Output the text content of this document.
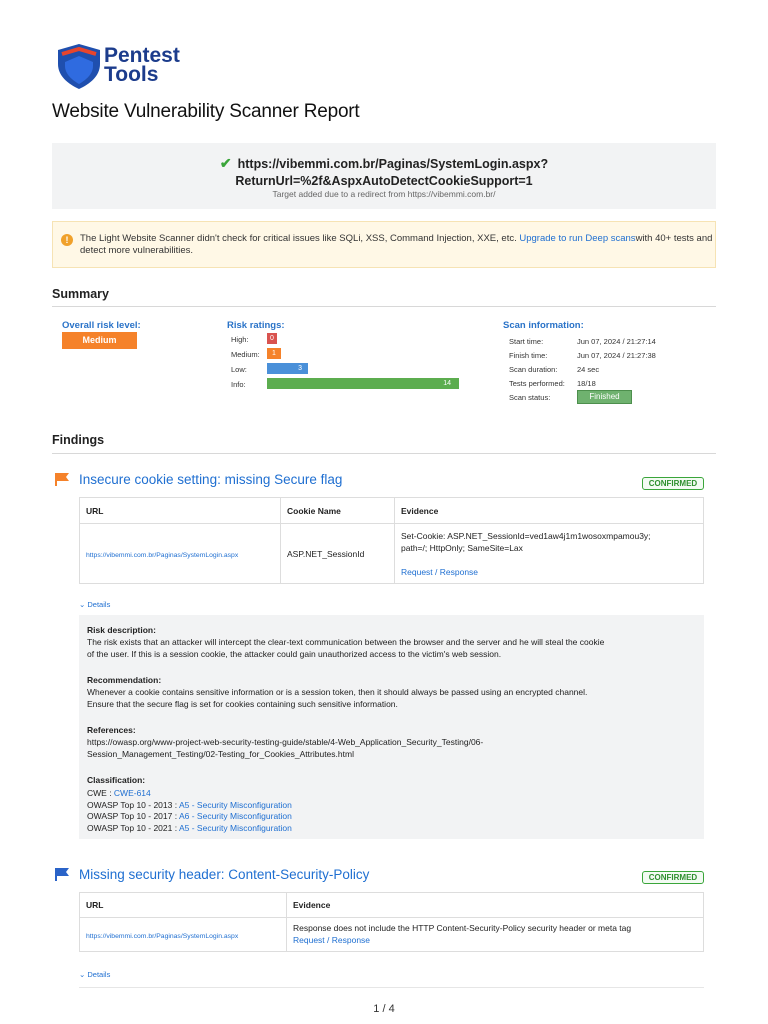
Pentest
Tools
Website Vulnerability Scanner Report
✔ https://vibemmi.com.br/Paginas/SystemLogin.aspx?
ReturnUrl=%2f&AspxAutoDetectCookieSupport=1
Target added due to a redirect from https://vibemmi.com.br/
!	The Light Website Scanner didn't check for critical issues like SQLi, XSS, Command Injection, XXE, etc. Upgrade to run Deep scanswith 40+ tests and detect more vulnerabilities.
Summary
Overall risk level:
Medium
Risk ratings:
High:	0
Medium:	1
Low:	3
Info:	14
Scan information:
Start time:	Jun 07, 2024 / 21:27:14
Finish time:	Jun 07, 2024 / 21:27:38
Scan duration:	24 sec
Tests performed: 18/18
Scan status:	Finished
Findings
Insecure cookie setting: missing Secure flag	CONFIRMED
URL	Cookie Name	Evidence
https://vibemmi.com.br/Paginas/SystemLogin.aspx	ASP.NET_SessionId	Set-Cookie: ASP.NET_SessionId=ved1aw4j1m1wosoxmpamou3y;
path=/; HttpOnly; SameSite=Lax
Request / Response
⌄ Details
Risk description:
The risk exists that an attacker will intercept the clear-text communication between the browser and the server and he will steal the cookie
of the user. If this is a session cookie, the attacker could gain unauthorized access to the victim's web session.
Recommendation:
Whenever a cookie contains sensitive information or is a session token, then it should always be passed using an encrypted channel.
Ensure that the secure flag is set for cookies containing such sensitive information.
References:
https://owasp.org/www-project-web-security-testing-guide/stable/4-Web_Application_Security_Testing/06-
Session_Management_Testing/02-Testing_for_Cookies_Attributes.html
Classification:
CWE : CWE-614
OWASP Top 10 - 2013 : A5 - Security Misconfiguration
OWASP Top 10 - 2017 : A6 - Security Misconfiguration
OWASP Top 10 - 2021 : A5 - Security Misconfiguration
Missing security header: Content-Security-Policy	CONFIRMED
URL	Evidence
https://vibemmi.com.br/Paginas/SystemLogin.aspx	Response does not include the HTTP Content-Security-Policy security header or meta tag
Request / Response
⌄ Details
1 / 4
